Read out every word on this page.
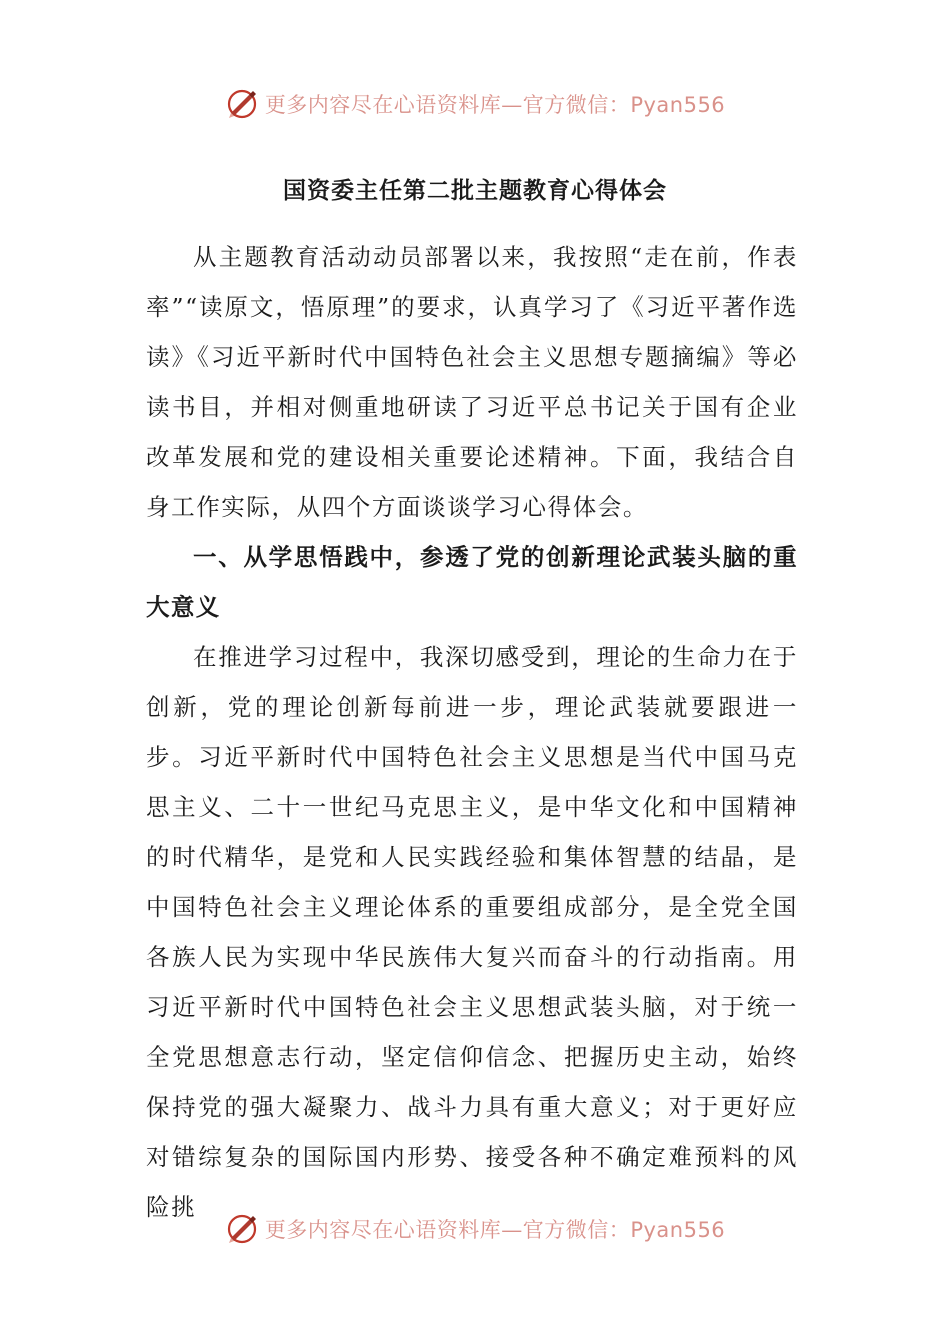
更多内容尽在心语资料库—官方微信：Pyan556
国资委主任第二批主题教育心得体会

从主题教育活动动员部署以来，我按照“走在前，作表率”“读原文，悟原理”的要求，认真学习了《习近平著作选读》《习近平新时代中国特色社会主义思想专题摘编》等必读书目，并相对侧重地研读了习近平总书记关于国有企业改革发展和党的建设相关重要论述精神。下面，我结合自身工作实际，从四个方面谈谈学习心得体会。

一、从学思悟践中，参透了党的创新理论武装头脑的重大意义

在推进学习过程中，我深切感受到，理论的生命力在于创新，党的理论创新每前进一步，理论武装就要跟进一步。习近平新时代中国特色社会主义思想是当代中国马克思主义、二十一世纪马克思主义，是中华文化和中国精神的时代精华，是党和人民实践经验和集体智慧的结晶，是中国特色社会主义理论体系的重要组成部分，是全党全国各族人民为实现中华民族伟大复兴而奋斗的行动指南。用习近平新时代中国特色社会主义思想武装头脑，对于统一全党思想意志行动，坚定信仰信念、把握历史主动，始终保持党的强大凝聚力、战斗力具有重大意义；对于更好应对错综复杂的国际国内形势、接受各种不确定难预料的风险挑

更多内容尽在心语资料库—官方微信：Pyan556
